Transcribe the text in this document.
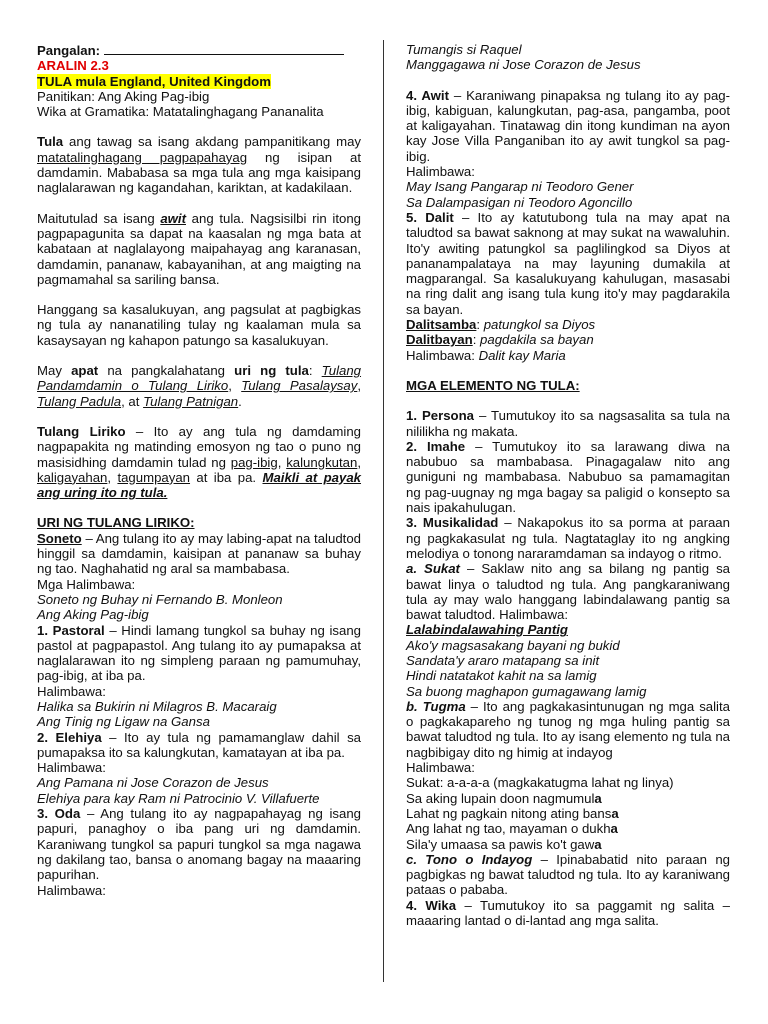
Pangalan:

ARALIN 2.3

TULA mula England, United Kingdom

Panitikan: Ang Aking Pag-ibig

Wika at Gramatika: Matatalinghagang Pananalita

Tula ang tawag sa isang akdang pampanitikang may matatalinghagang pagpapahayag ng isipan at damdamin. Mababasa sa mga tula ang mga kaisipang naglalarawan ng kagandahan, kariktan, at kadakilaan.

Maitutulad sa isang awit ang tula. Nagsisilbi rin itong pagpapagunita sa dapat na kaasalan ng mga bata at kabataan at naglalayong maipahayag ang karanasan, damdamin, pananaw, kabayanihan, at ang maigting na pagmamahal sa sariling bansa.

Hanggang sa kasalukuyan, ang pagsulat at pagbigkas ng tula ay nananatiling tulay ng kaalaman mula sa kasaysayan ng kahapon patungo sa kasalukuyan.

May apat na pangkalahatang uri ng tula: Tulang Pandamdamin o Tulang Liriko, Tulang Pasalaysay, Tulang Padula, at Tulang Patnigan.

Tulang Liriko – Ito ay ang tula ng damdaming nagpapakita ng matinding emosyon ng tao o puno ng masisidhing damdamin tulad ng pag-ibig, kalungkutan, kaligayahan, tagumpayan at iba pa. Maikli at payak ang uring ito ng tula.

URI NG TULANG LIRIKO:

Soneto – Ang tulang ito ay may labing-apat na taludtod hinggil sa damdamin, kaisipan at pananaw sa buhay ng tao. Naghahatid ng aral sa mambabasa.

Mga Halimbawa:

Soneto ng Buhay ni Fernando B. Monleon

Ang Aking Pag-ibig

1. Pastoral – Hindi lamang tungkol sa buhay ng isang pastol at pagpapastol. Ang tulang ito ay pumapaksa at naglalarawan ito ng simpleng paraan ng pamumuhay, pag-ibig, at iba pa.

Halimbawa:

Halika sa Bukirin ni Milagros B. Macaraig

Ang Tinig ng Ligaw na Gansa

2. Elehiya – Ito ay tula ng pamamanglaw dahil sa pumapaksa ito sa kalungkutan, kamatayan at iba pa.

Halimbawa:

Ang Pamana ni Jose Corazon de Jesus

Elehiya para kay Ram ni Patrocinio V. Villafuerte

3. Oda – Ang tulang ito ay nagpapahayag ng isang papuri, panaghoy o iba pang uri ng damdamin. Karaniwang tungkol sa papuri tungkol sa mga nagawa ng dakilang tao, bansa o anomang bagay na maaaring papurihan.

Halimbawa:

Tumangis si Raquel

Manggagawa ni Jose Corazon de Jesus

4. Awit – Karaniwang pinapaksa ng tulang ito ay pag-ibig, kabiguan, kalungkutan, pag-asa, pangamba, poot at kaligayahan. Tinatawag din itong kundiman na ayon kay Jose Villa Panganiban ito ay awit tungkol sa pag-ibig.

Halimbawa:

May Isang Pangarap ni Teodoro Gener

Sa Dalampasigan ni Teodoro Agoncillo

5. Dalit – Ito ay katutubong tula na may apat na taludtod sa bawat saknong at may sukat na wawaluhin. Ito'y awiting patungkol sa paglilingkod sa Diyos at pananampalataya na may layuning dumakila at magparangal. Sa kasalukuyang kahulugan, masasabi na ring dalit ang isang tula kung ito'y may pagdarakila sa bayan.

Dalitsamba: patungkol sa Diyos

Dalitbayan: pagdakila sa bayan

Halimbawa: Dalit kay Maria

MGA ELEMENTO NG TULA:

1. Persona – Tumutukoy ito sa nagsasalita sa tula na nililikha ng makata.

2. Imahe – Tumutukoy ito sa larawang diwa na nabubuo sa mambabasa. Pinagagalaw nito ang guniguni ng mambabasa. Nabubuo sa pamamagitan ng pag-uugnay ng mga bagay sa paligid o konsepto sa nais ipakahulugan.

3. Musikalidad – Nakapokus ito sa porma at paraan ng pagkakasulat ng tula. Nagtataglay ito ng angking melodiya o tonong nararamdaman sa indayog o ritmo.

a. Sukat – Saklaw nito ang sa bilang ng pantig sa bawat linya o taludtod ng tula. Ang pangkaraniwang tula ay may walo hanggang labindalawang pantig sa bawat taludtod. Halimbawa:

Lalabindalawahing Pantig

Ako'y magsasakang bayani ng bukid

Sandata'y araro matapang sa init

Hindi natatakot kahit na sa lamig

Sa buong maghapon gumagawang lamig

b. Tugma – Ito ang pagkakasintunugan ng mga salita o pagkakapareho ng tunog ng mga huling pantig sa bawat taludtod ng tula. Ito ay isang elemento ng tula na nagbibigay dito ng himig at indayog

Halimbawa:

Sukat: a-a-a-a (magkakatugma lahat ng linya)

Sa aking lupain doon nagmumula

Lahat ng pagkain nitong ating bansa

Ang lahat ng tao, mayaman o dukha

Sila'y umaasa sa pawis ko't gawa

c. Tono o Indayog – Ipinababatid nito paraan ng pagbigkas ng bawat taludtod ng tula. Ito ay karaniwang pataas o pababa.

4. Wika – Tumutukoy ito sa paggamit ng salita – maaaring lantad o di-lantad ang mga salita.
